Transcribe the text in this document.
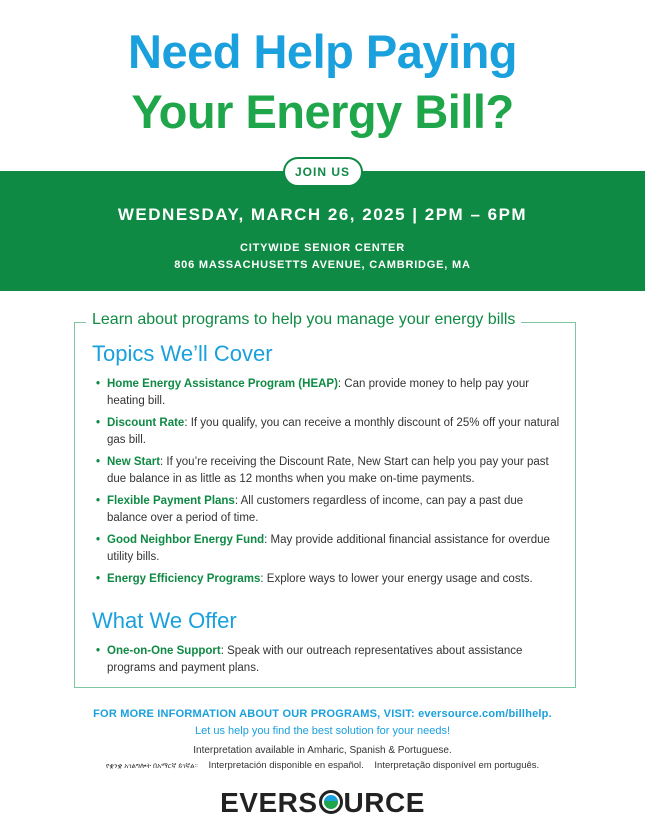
Need Help Paying
Your Energy Bill?
JOIN US
WEDNESDAY, MARCH 26, 2025 | 2PM – 6PM
CITYWIDE SENIOR CENTER
806 MASSACHUSETTS AVENUE, CAMBRIDGE, MA
Learn about programs to help you manage your energy bills
Topics We’ll Cover
• Home Energy Assistance Program (HEAP): Can provide money to help pay your heating bill.
• Discount Rate: If you qualify, you can receive a monthly discount of 25% off your natural gas bill.
• New Start: If you’re receiving the Discount Rate, New Start can help you pay your past due balance in as little as 12 months when you make on-time payments.
• Flexible Payment Plans: All customers regardless of income, can pay a past due balance over a period of time.
• Good Neighbor Energy Fund: May provide additional financial assistance for overdue utility bills.
• Energy Efficiency Programs: Explore ways to lower your energy usage and costs.
What We Offer
• One-on-One Support: Speak with our outreach representatives about assistance programs and payment plans.
FOR MORE INFORMATION ABOUT OUR PROGRAMS, VISIT: eversource.com/billhelp.
Let us help you find the best solution for your needs!
Interpretation available in Amharic, Spanish & Portuguese.
የቋንቋ አገልግሎት በአማርኛ ይገኛል። Interpretación disponible en español. Interpretação disponível em português.
EVERS URCE
